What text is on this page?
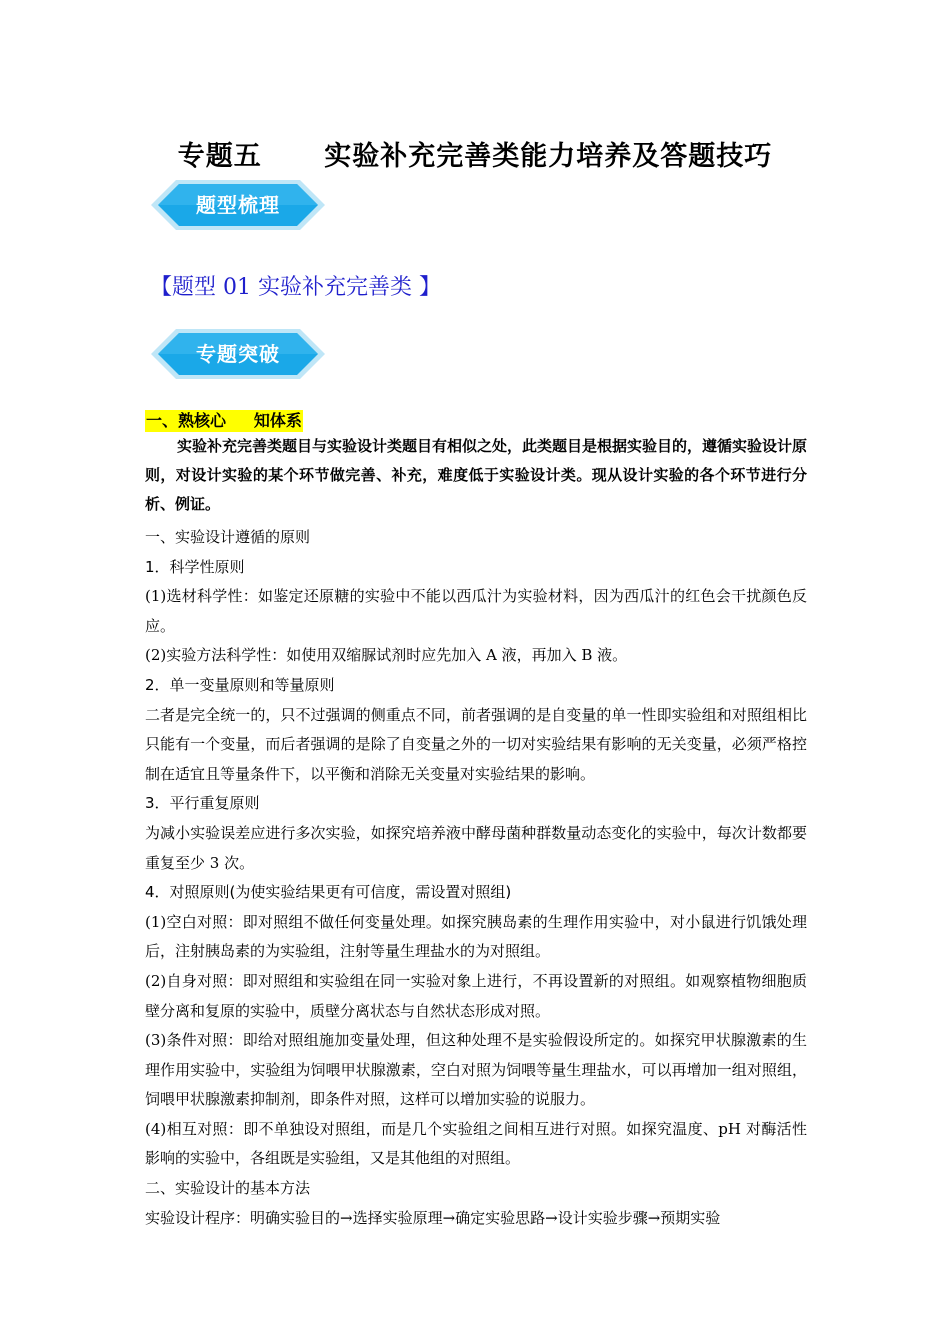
专题五      实验补充完善类能力培养及答题技巧
题型梳理
【题型 01 实验补充完善类 】
专题突破
一、熟核心     知体系

实验补充完善类题目与实验设计类题目有相似之处，此类题目是根据实验目的，遵循实验设计原则，对设计实验的某个环节做完善、补充，难度低于实验设计类。现从设计实验的各个环节进行分析、例证。

一、实验设计遵循的原则

1．科学性原则

(1)选材科学性：如鉴定还原糖的实验中不能以西瓜汁为实验材料，因为西瓜汁的红色会干扰颜色反应。

(2)实验方法科学性：如使用双缩脲试剂时应先加入 A 液，再加入 B 液。

2．单一变量原则和等量原则

二者是完全统一的，只不过强调的侧重点不同，前者强调的是自变量的单一性即实验组和对照组相比只能有一个变量，而后者强调的是除了自变量之外的一切对实验结果有影响的无关变量，必须严格控制在适宜且等量条件下，以平衡和消除无关变量对实验结果的影响。

3．平行重复原则

为减小实验误差应进行多次实验，如探究培养液中酵母菌种群数量动态变化的实验中，每次计数都要重复至少 3 次。

4．对照原则(为使实验结果更有可信度，需设置对照组)

(1)空白对照：即对照组不做任何变量处理。如探究胰岛素的生理作用实验中，对小鼠进行饥饿处理后，注射胰岛素的为实验组，注射等量生理盐水的为对照组。

(2)自身对照：即对照组和实验组在同一实验对象上进行，不再设置新的对照组。如观察植物细胞质壁分离和复原的实验中，质壁分离状态与自然状态形成对照。

(3)条件对照：即给对照组施加变量处理，但这种处理不是实验假设所定的。如探究甲状腺激素的生理作用实验中，实验组为饲喂甲状腺激素，空白对照为饲喂等量生理盐水，可以再增加一组对照组，饲喂甲状腺激素抑制剂，即条件对照，这样可以增加实验的说服力。

(4)相互对照：即不单独设对照组，而是几个实验组之间相互进行对照。如探究温度、pH 对酶活性影响的实验中，各组既是实验组，又是其他组的对照组。

二、实验设计的基本方法

实验设计程序：明确实验目的→选择实验原理→确定实验思路→设计实验步骤→预期实验
